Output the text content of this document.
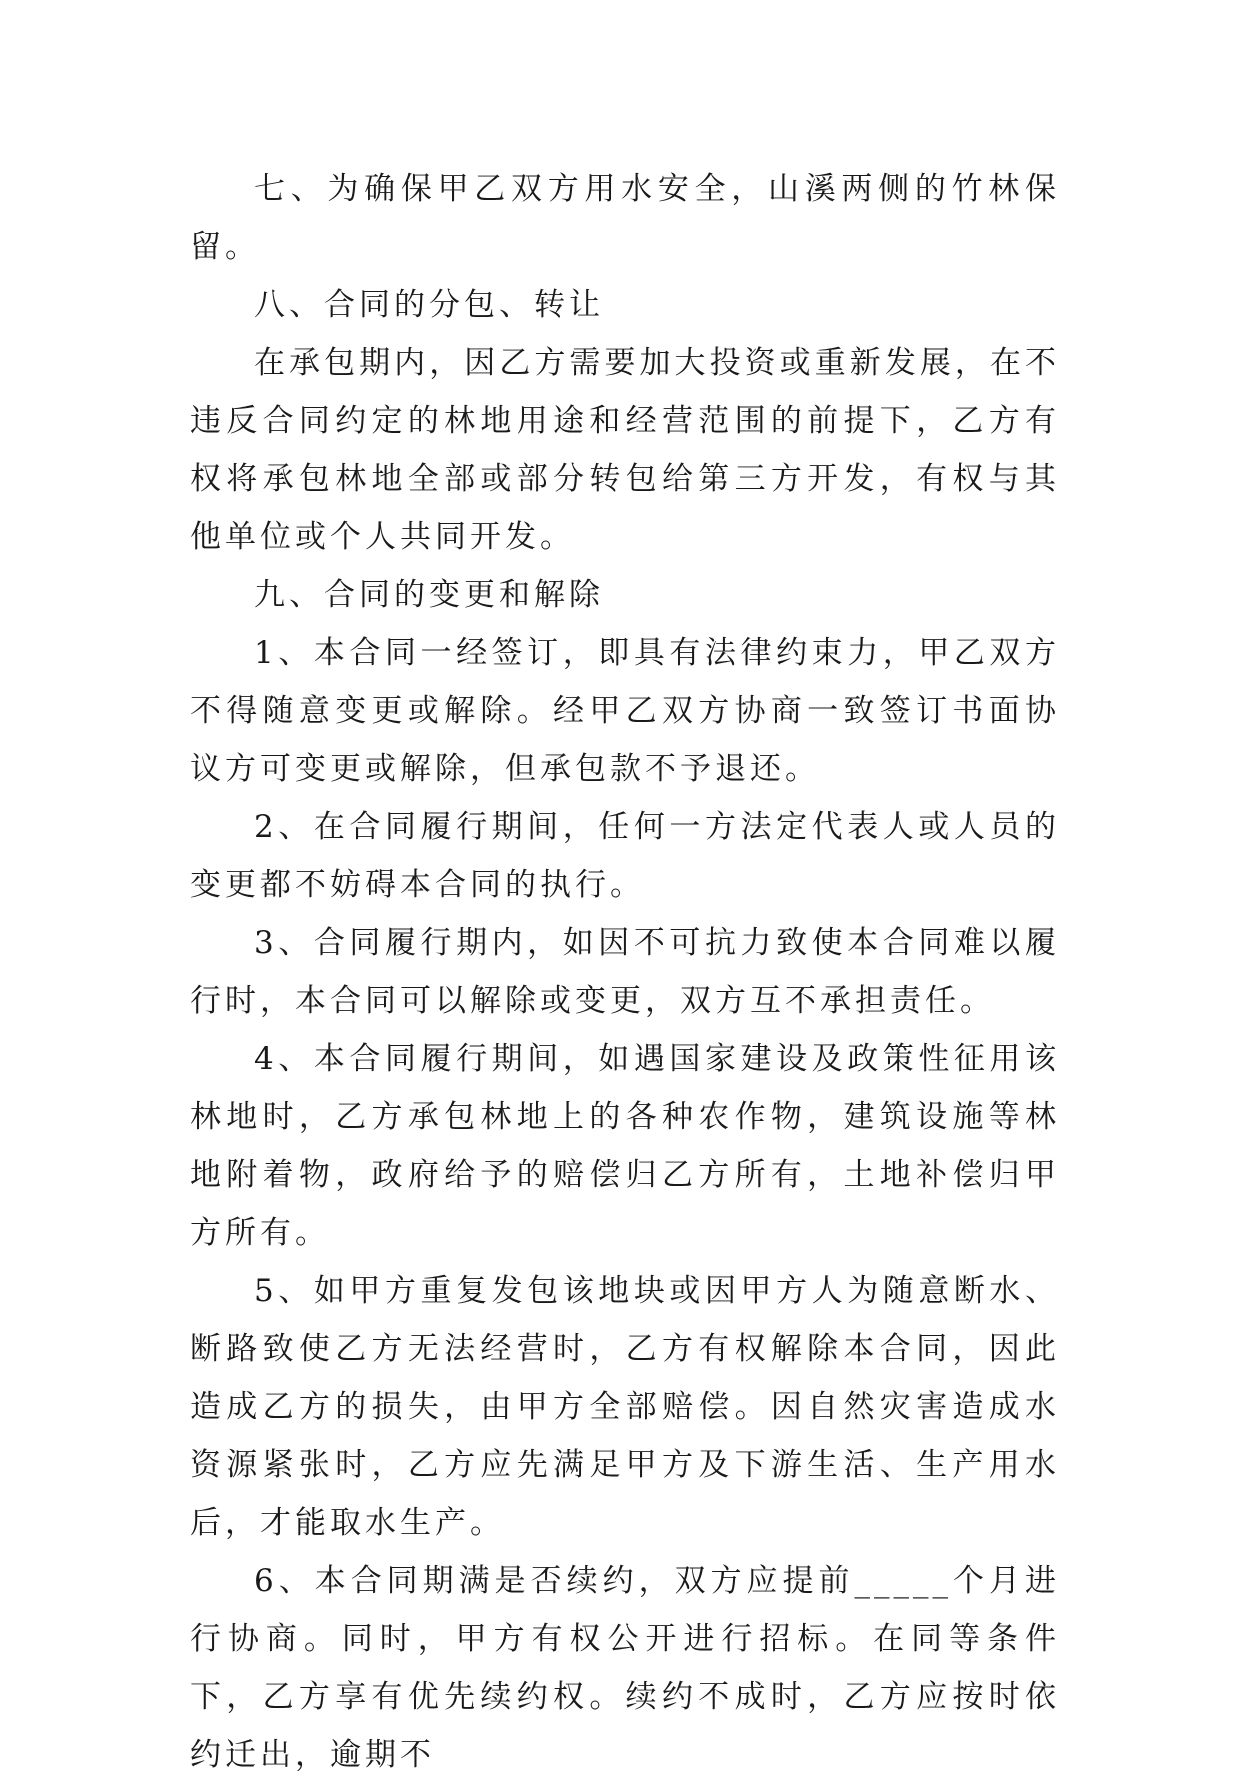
七、为确保甲乙双方用水安全，山溪两侧的竹林保留。

八、合同的分包、转让

在承包期内，因乙方需要加大投资或重新发展，在不违反合同约定的林地用途和经营范围的前提下，乙方有权将承包林地全部或部分转包给第三方开发，有权与其他单位或个人共同开发。

九、合同的变更和解除

1、本合同一经签订，即具有法律约束力，甲乙双方不得随意变更或解除。经甲乙双方协商一致签订书面协议方可变更或解除，但承包款不予退还。

2、在合同履行期间，任何一方法定代表人或人员的变更都不妨碍本合同的执行。

3、合同履行期内，如因不可抗力致使本合同难以履行时，本合同可以解除或变更，双方互不承担责任。

4、本合同履行期间，如遇国家建设及政策性征用该林地时，乙方承包林地上的各种农作物，建筑设施等林地附着物，政府给予的赔偿归乙方所有，土地补偿归甲方所有。

5、如甲方重复发包该地块或因甲方人为随意断水、断路致使乙方无法经营时，乙方有权解除本合同，因此造成乙方的损失，由甲方全部赔偿。因自然灾害造成水资源紧张时，乙方应先满足甲方及下游生活、生产用水后，才能取水生产。

6、本合同期满是否续约，双方应提前_____个月进行协商。同时，甲方有权公开进行招标。在同等条件下，乙方享有优先续约权。续约不成时，乙方应按时依约迁出，逾期不
